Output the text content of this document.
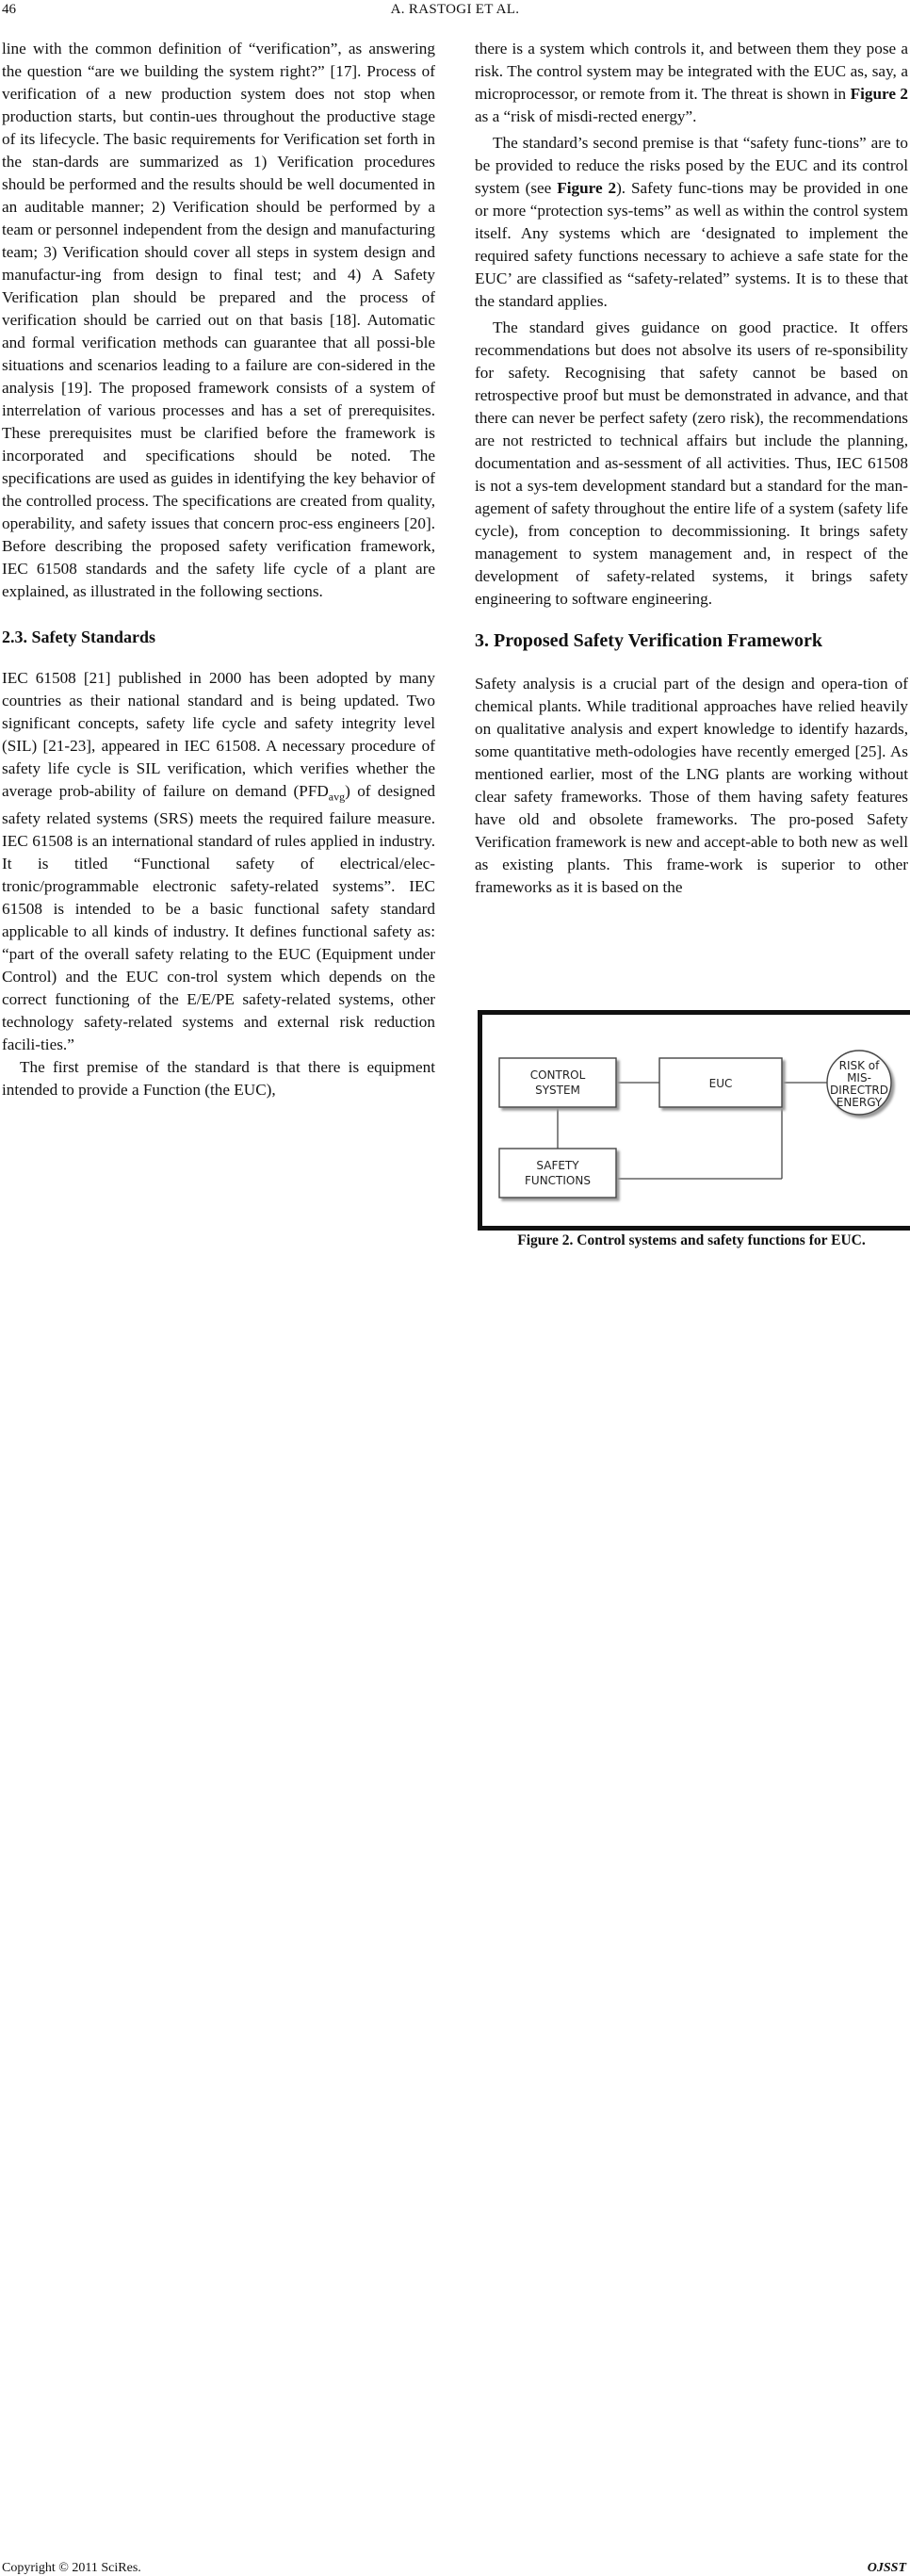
46	A. RASTOGI ET AL.

line with the common definition of “verification”, as answering the question “are we building the system right?” [17]. Process of verification of a new production system does not stop when production starts, but contin-ues throughout the productive stage of its lifecycle. The basic requirements for Verification set forth in the stan-dards are summarized as 1) Verification procedures should be performed and the results should be well documented in an auditable manner; 2) Verification should be performed by a team or personnel independent from the design and manufacturing team; 3) Verification should cover all steps in system design and manufactur-ing from design to final test; and 4) A Safety Verification plan should be prepared and the process of verification should be carried out on that basis [18]. Automatic and formal verification methods can guarantee that all possi-ble situations and scenarios leading to a failure are con-sidered in the analysis [19]. The proposed framework consists of a system of interrelation of various processes and has a set of prerequisites. These prerequisites must be clarified before the framework is incorporated and specifications should be noted. The specifications are used as guides in identifying the key behavior of the controlled process. The specifications are created from quality, operability, and safety issues that concern proc-ess engineers [20]. Before describing the proposed safety verification framework, IEC 61508 standards and the safety life cycle of a plant are explained, as illustrated in the following sections.

2.3. Safety Standards

IEC 61508 [21] published in 2000 has been adopted by many countries as their national standard and is being updated. Two significant concepts, safety life cycle and safety integrity level (SIL) [21-23], appeared in IEC 61508. A necessary procedure of safety life cycle is SIL verification, which verifies whether the average prob-ability of failure on demand $(PFD_{avg})$ of designed safety related systems (SRS) meets the required failure measure. IEC 61508 is an international standard of rules applied in industry. It is titled “Functional safety of electrical/elec-tronic/programmable electronic safety-related systems”. IEC 61508 is intended to be a basic functional safety standard applicable to all kinds of industry. It defines functional safety as: “part of the overall safety relating to the EUC (Equipment under Control) and the EUC con-trol system which depends on the correct functioning of the E/E/PE safety-related systems, other technology safety-related systems and external risk reduction facili-ties.”

The first premise of the standard is that there is equipment intended to provide a Function (the EUC),

there is a system which controls it, and between them they pose a risk. The control system may be integrated with the EUC as, say, a microprocessor, or remote from it. The threat is shown in Figure 2 as a “risk of misdi-rected energy”.

The standard’s second premise is that “safety func-tions” are to be provided to reduce the risks posed by the EUC and its control system (see Figure 2). Safety func-tions may be provided in one or more “protection sys-tems” as well as within the control system itself. Any systems which are ‘designated to implement the required safety functions necessary to achieve a safe state for the EUC’ are classified as “safety-related” systems. It is to these that the standard applies.

The standard gives guidance on good practice. It offers recommendations but does not absolve its users of re-sponsibility for safety. Recognising that safety cannot be based on retrospective proof but must be demonstrated in advance, and that there can never be perfect safety (zero risk), the recommendations are not restricted to technical affairs but include the planning, documentation and as-sessment of all activities. Thus, IEC 61508 is not a sys-tem development standard but a standard for the man-agement of safety throughout the entire life of a system (safety life cycle), from conception to decommissioning. It brings safety management to system management and, in respect of the development of safety-related systems, it brings safety engineering to software engineering.

3. Proposed Safety Verification Framework

Safety analysis is a crucial part of the design and opera-tion of chemical plants. While traditional approaches have relied heavily on qualitative analysis and expert knowledge to identify hazards, some quantitative meth-odologies have recently emerged [25]. As mentioned earlier, most of the LNG plants are working without clear safety frameworks. Those of them having safety features have old and obsolete frameworks. The pro-posed Safety Verification framework is new and accept-able to both new as well as existing plants. This frame-work is superior to other frameworks as it is based on the

CONTROL
SYSTEM	EUC
RISK of
MIS-
DIRECTRD
ENERGY
SAFETY
FUNCTIONS
Figure 2. Control systems and safety functions for EUC.
Copyright © 2011 SciRes.	OJSST
